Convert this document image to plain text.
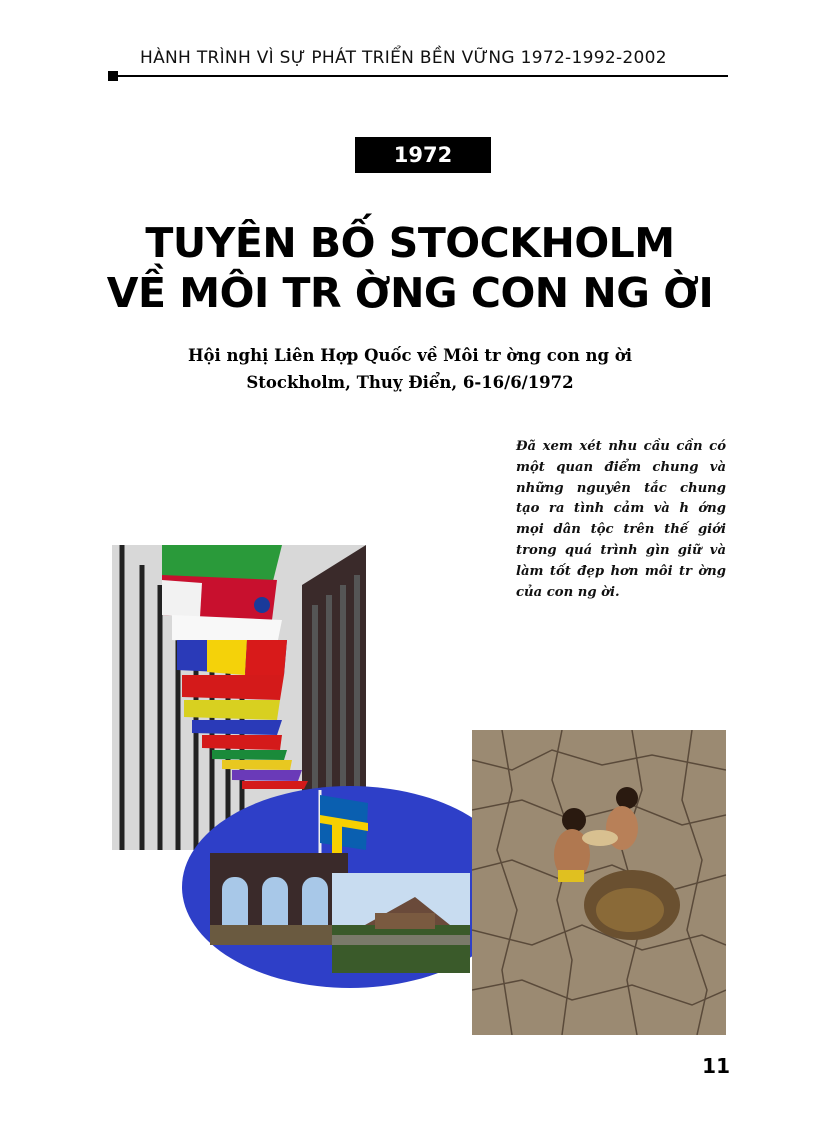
HÀNH TRÌNH VÌ SỰ PHÁT TRIỂN BỀN VỮNG 1972-1992-2002
1972
TUYÊN BỐ STOCKHOLM
VỀ MÔI TR ỜNG CON NG ỜI
Hội nghị Liên Hợp Quốc về Môi tr ờng con ng ời
Stockholm, Thuỵ Điển, 6-16/6/1972
Đã xem xét nhu cầu cần có một quan điểm chung và những nguyên tắc chung tạo ra tình cảm và h ớng mọi dân tộc trên thế giới trong quá trình gìn giữ và làm tốt đẹp hơn môi tr ờng của con ng ời.
11
